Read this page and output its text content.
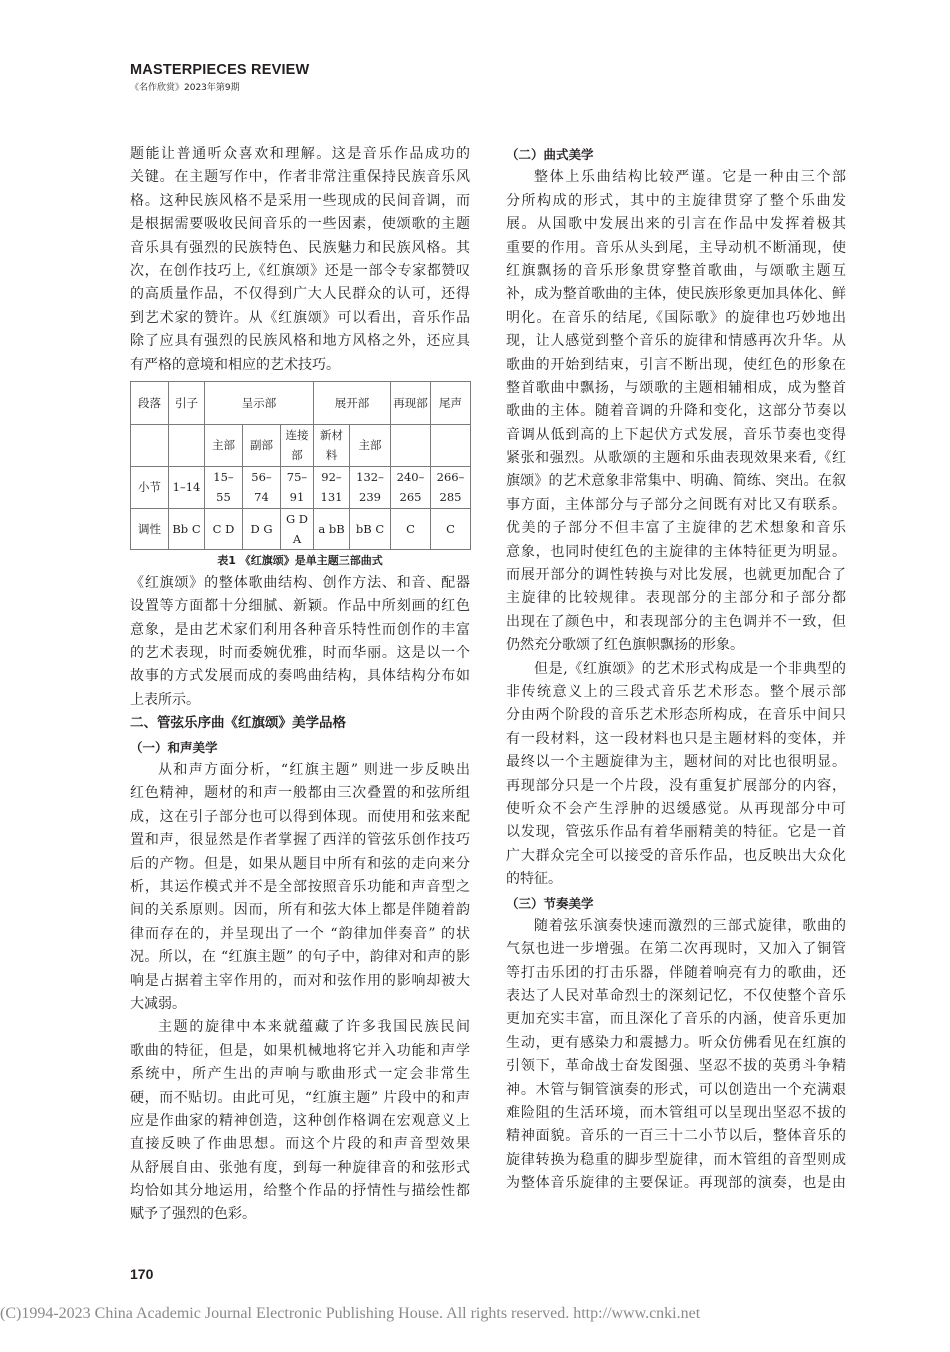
MASTERPIECES REVIEW
《名作欣赏》2023年第9期
题能让普通听众喜欢和理解。这是音乐作品成功的
关键。在主题写作中，作者非常注重保持民族音乐风
格。这种民族风格不是采用一些现成的民间音调，而
是根据需要吸收民间音乐的一些因素，使颂歌的主题
音乐具有强烈的民族特色、民族魅力和民族风格。其
次，在创作技巧上,《红旗颂》还是一部令专家都赞叹
的高质量作品，不仅得到广大人民群众的认可，还得
到艺术家的赞许。从《红旗颂》可以看出，音乐作品
除了应具有强烈的民族风格和地方风格之外，还应具
有严格的意境和相应的艺术技巧。
段落	引子	呈示部			展开部		再现部	尾声
		主部	副部	连接部	新材料	主部		
小节	1–14	15–55	56–74	75–91	92–131	132–239	240–265	266–285
调性	Bb C	C D	D G	G D A	a bB	bB C	C	C
表1 《红旗颂》是单主题三部曲式
《红旗颂》的整体歌曲结构、创作方法、和音、配器
设置等方面都十分细腻、新颖。作品中所刻画的红色
意象，是由艺术家们利用各种音乐特性而创作的丰富
的艺术表现，时而委婉优雅，时而华丽。这是以一个
故事的方式发展而成的奏鸣曲结构，具体结构分布如
上表所示。
二、管弦乐序曲《红旗颂》美学品格
（一）和声美学
从和声方面分析，“红旗主题” 则进一步反映出
红色精神，题材的和声一般都由三次叠置的和弦所组
成，这在引子部分也可以得到体现。而使用和弦来配
置和声，很显然是作者掌握了西洋的管弦乐创作技巧
后的产物。但是，如果从题目中所有和弦的走向来分
析，其运作模式并不是全部按照音乐功能和声音型之
间的关系原则。因而，所有和弦大体上都是伴随着韵
律而存在的，并呈现出了一个 “韵律加伴奏音” 的状
况。所以，在 “红旗主题” 的句子中，韵律对和声的影
响是占据着主宰作用的，而对和弦作用的影响却被大
大减弱。
主题的旋律中本来就蕴藏了许多我国民族民间
歌曲的特征，但是，如果机械地将它并入功能和声学
系统中，所产生出的声响与歌曲形式一定会非常生
硬，而不贴切。由此可见，“红旗主题” 片段中的和声
应是作曲家的精神创造，这种创作格调在宏观意义上
直接反映了作曲思想。而这个片段的和声音型效果
从舒展自由、张弛有度，到每一种旋律音的和弦形式
均恰如其分地运用，给整个作品的抒情性与描绘性都
赋予了强烈的色彩。
（二）曲式美学
整体上乐曲结构比较严谨。它是一种由三个部
分所构成的形式，其中的主旋律贯穿了整个乐曲发
展。从国歌中发展出来的引言在作品中发挥着极其
重要的作用。音乐从头到尾，主导动机不断涌现，使
红旗飘扬的音乐形象贯穿整首歌曲，与颂歌主题互
补，成为整首歌曲的主体，使民族形象更加具体化、鲜
明化。在音乐的结尾,《国际歌》的旋律也巧妙地出
现，让人感觉到整个音乐的旋律和情感再次升华。从
歌曲的开始到结束，引言不断出现，使红色的形象在
整首歌曲中飘扬，与颂歌的主题相辅相成，成为整首
歌曲的主体。随着音调的升降和变化，这部分节奏以
音调从低到高的上下起伏方式发展，音乐节奏也变得
紧张和强烈。从歌颂的主题和乐曲表现效果来看,《红
旗颂》的艺术意象非常集中、明确、简练、突出。在叙
事方面，主体部分与子部分之间既有对比又有联系。
优美的子部分不但丰富了主旋律的艺术想象和音乐
意象，也同时使红色的主旋律的主体特征更为明显。
而展开部分的调性转换与对比发展，也就更加配合了
主旋律的比较规律。表现部分的主部分和子部分都
出现在了颜色中，和表现部分的主色调并不一致，但
仍然充分歌颂了红色旗帜飘扬的形象。
但是,《红旗颂》的艺术形式构成是一个非典型的
非传统意义上的三段式音乐艺术形态。整个展示部
分由两个阶段的音乐艺术形态所构成，在音乐中间只
有一段材料，这一段材料也只是主题材料的变体，并
最终以一个主题旋律为主，题材间的对比也很明显。
再现部分只是一个片段，没有重复扩展部分的内容，
使听众不会产生浮肿的迟缓感觉。从再现部分中可
以发现，管弦乐作品有着华丽精美的特征。它是一首
广大群众完全可以接受的音乐作品，也反映出大众化
的特征。
（三）节奏美学
随着弦乐演奏快速而激烈的三部式旋律，歌曲的
气氛也进一步增强。在第二次再现时，又加入了铜管
等打击乐团的打击乐器，伴随着响亮有力的歌曲，还
表达了人民对革命烈士的深刻记忆，不仅使整个音乐
更加充实丰富，而且深化了音乐的内涵，使音乐更加
生动，更有感染力和震撼力。听众仿佛看见在红旗的
引领下，革命战士奋发图强、坚忍不拔的英勇斗争精
神。木管与铜管演奏的形式，可以创造出一个充满艰
难险阻的生活环境，而木管组可以呈现出坚忍不拔的
精神面貌。音乐的一百三十二小节以后，整体音乐的
旋律转换为稳重的脚步型旋律，而木管组的音型则成
为整体音乐旋律的主要保证。再现部的演奏，也是由
170
(C)1994-2023 China Academic Journal Electronic Publishing House. All rights reserved. http://www.cnki.net
